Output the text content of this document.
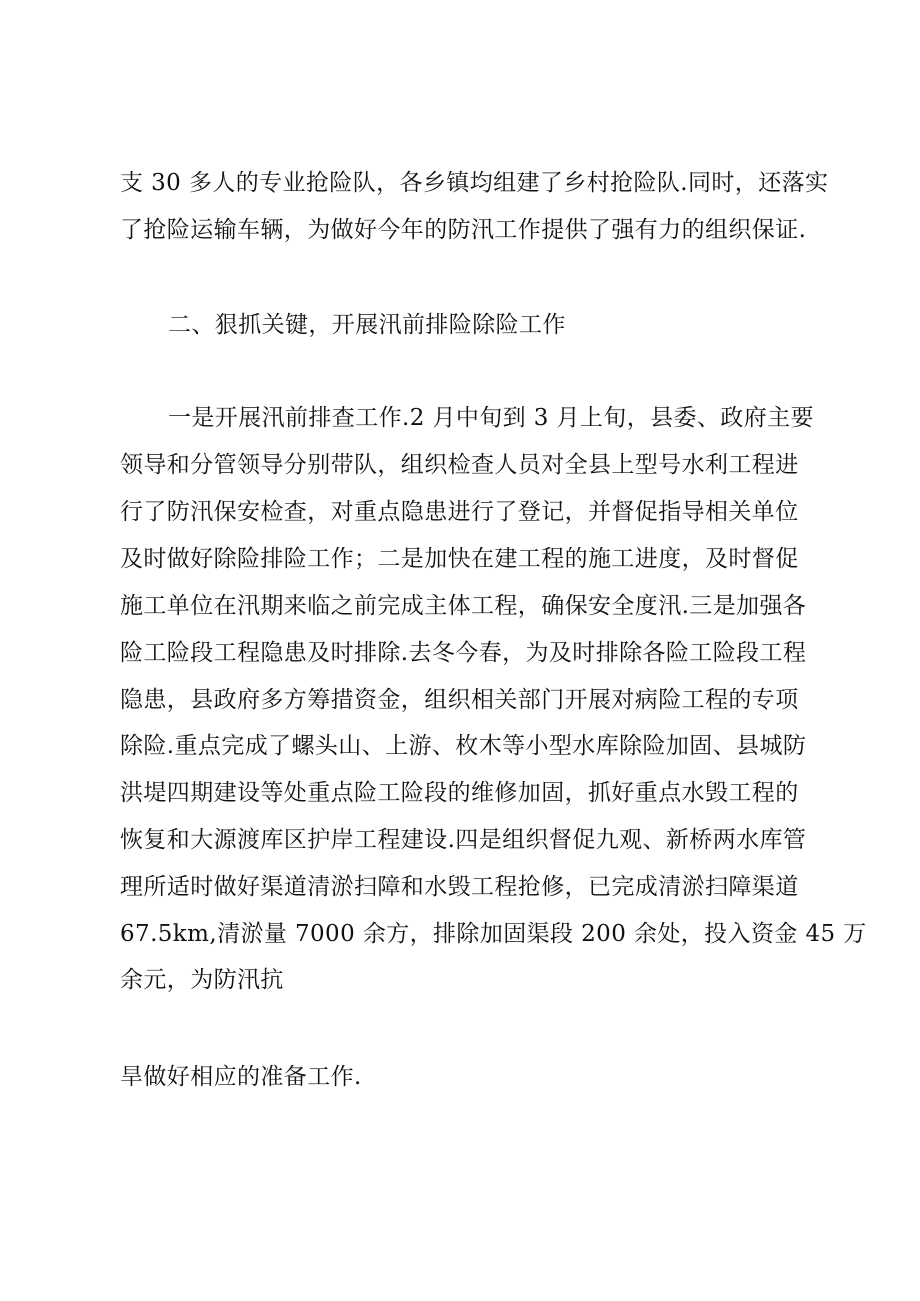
支 30 多人的专业抢险队，各乡镇均组建了乡村抢险队.同时，还落实
了抢险运输车辆，为做好今年的防汛工作提供了强有力的组织保证.
二、狠抓关键，开展汛前排险除险工作
一是开展汛前排查工作.2 月中旬到 3 月上旬，县委、政府主要
领导和分管领导分别带队，组织检查人员对全县上型号水利工程进
行了防汛保安检查，对重点隐患进行了登记，并督促指导相关单位
及时做好除险排险工作；二是加快在建工程的施工进度，及时督促
施工单位在汛期来临之前完成主体工程，确保安全度汛.三是加强各
险工险段工程隐患及时排除.去冬今春，为及时排除各险工险段工程
隐患，县政府多方筹措资金，组织相关部门开展对病险工程的专项
除险.重点完成了螺头山、上游、枚木等小型水库除险加固、县城防
洪堤四期建设等处重点险工险段的维修加固，抓好重点水毁工程的
恢复和大源渡库区护岸工程建设.四是组织督促九观、新桥两水库管
理所适时做好渠道清淤扫障和水毁工程抢修，已完成清淤扫障渠道
67.5km,清淤量 7000 余方，排除加固渠段 200 余处，投入资金 45 万
余元，为防汛抗
旱做好相应的准备工作.
